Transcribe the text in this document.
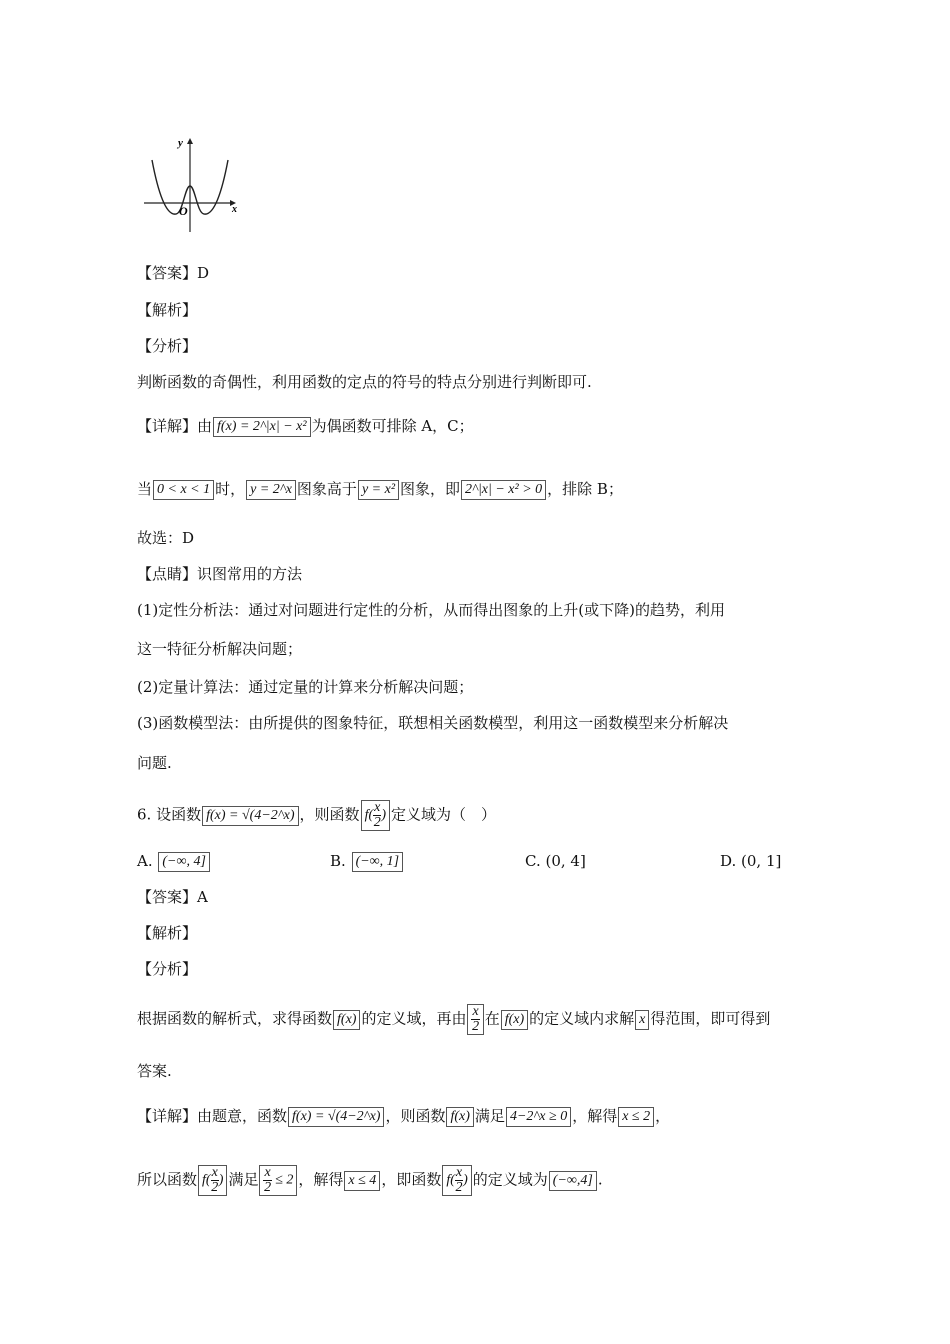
y
x
O
【答案】D
【解析】
【分析】
判断函数的奇偶性，利用函数的定点的符号的特点分别进行判断即可.
【详解】由 f(x) = 2^|x| − x² 为偶函数可排除 A，C；
当 0 < x < 1 时， y = 2^x 图象高于 y = x² 图象，即 2^|x| − x² > 0 ，排除 B；
故选：D
【点睛】识图常用的方法
(1)定性分析法：通过对问题进行定性的分析，从而得出图象的上升(或下降)的趋势，利用
这一特征分析解决问题；
(2)定量计算法：通过定量的计算来分析解决问题；
(3)函数模型法：由所提供的图象特征，联想相关函数模型，利用这一函数模型来分析解决
问题.
6. 设函数 f(x) = √(4−2^x) ，则函数 $f( \frac{x}{2}$ ) 定义域为（　）
A. (−∞, 4]	B. (−∞, 1]	C. (0, 4]	D. (0, 1]
【答案】A
【解析】
【分析】
根据函数的解析式，求得函数 f(x) 的定义域，再由 $\frac{x}{2}$ 在 f(x) 的定义域内求解 x 得范围，即可得到
答案.
【详解】由题意，函数 f(x) = √(4−2^x) ，则函数 f(x) 满足 4−2^x ≥ 0 ，解得 x ≤ 2 ，
所以函数 $f( \frac{x}{2}$ ) 满足 $\frac{x}{2} \le 2$ ，解得 x ≤ 4 ，即函数 $f( \frac{x}{2}$ ) 的定义域为 (−∞,4] .
